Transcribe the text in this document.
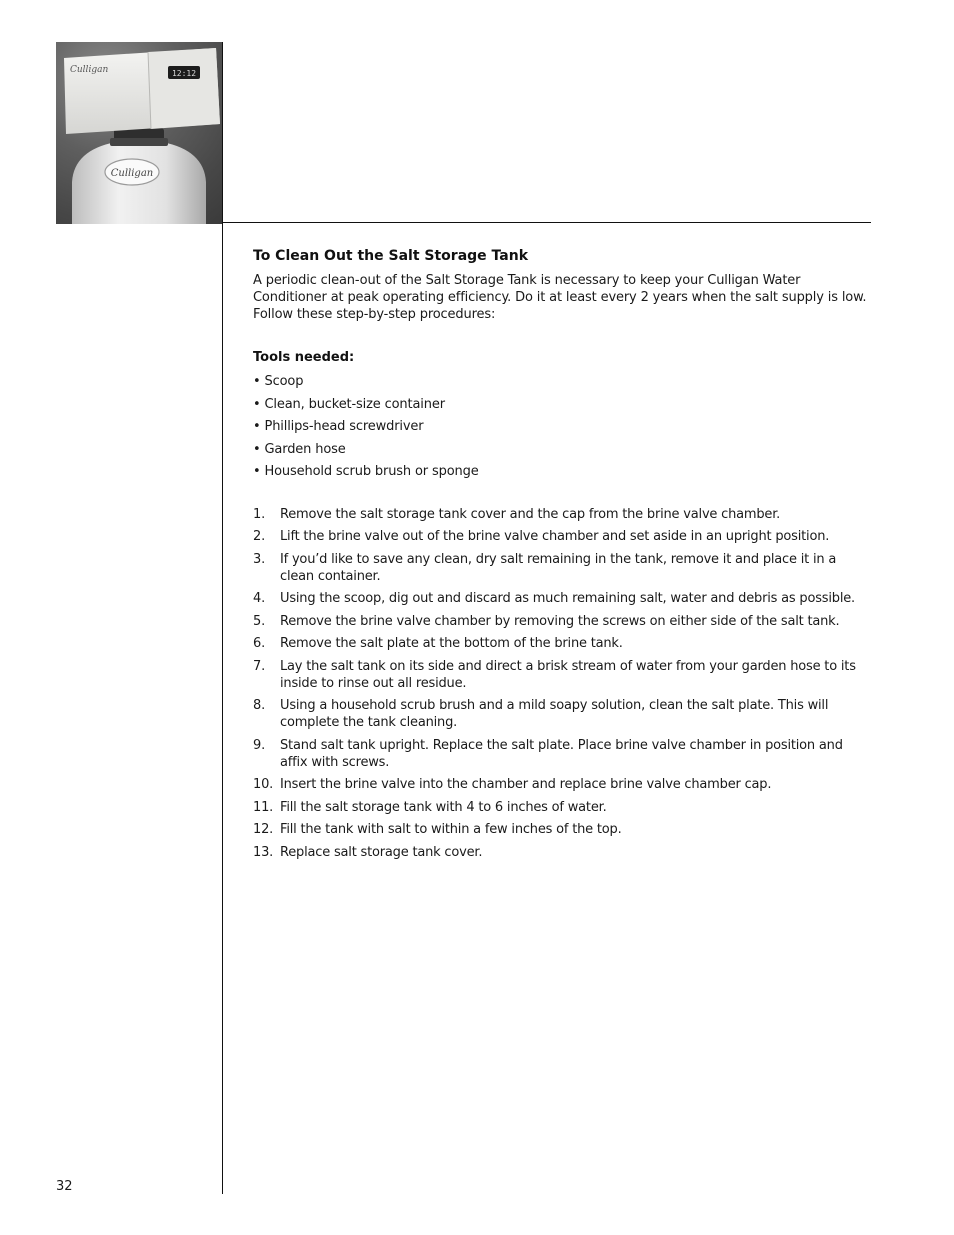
12:12
Culligan
Culligan
To Clean Out the Salt Storage Tank

A periodic clean-out of the Salt Storage Tank is necessary to keep your Culligan Water Conditioner at peak operating efficiency. Do it at least every 2 years when the salt supply is low. Follow these step-by-step procedures:

Tools needed:
• Scoop
• Clean, bucket-size container
• Phillips-head screwdriver
• Garden hose
• Household scrub brush or sponge
1.	Remove the salt storage tank cover and the cap from the brine valve chamber.
2.	Lift the brine valve out of the brine valve chamber and set aside in an upright position.
3.	If you’d like to save any clean, dry salt remaining in the tank, remove it and place it in a clean container.
4.	Using the scoop, dig out and discard as much remaining salt, water and debris as possible.
5.	Remove the brine valve chamber by removing the screws on either side of the salt tank.
6.	Remove the salt plate at the bottom of the brine tank.
7.	Lay the salt tank on its side and direct a brisk stream of water from your garden hose to its inside to rinse out all residue.
8.	Using a household scrub brush and a mild soapy solution, clean the salt plate. This will complete the tank cleaning.
9.	Stand salt tank upright. Replace the salt plate. Place brine valve chamber in position and affix with screws.
10. Insert the brine valve into the chamber and replace brine valve chamber cap.
11. Fill the salt storage tank with 4 to 6 inches of water.
12. Fill the tank with salt to within a few inches of the top.
13. Replace salt storage tank cover.
32
